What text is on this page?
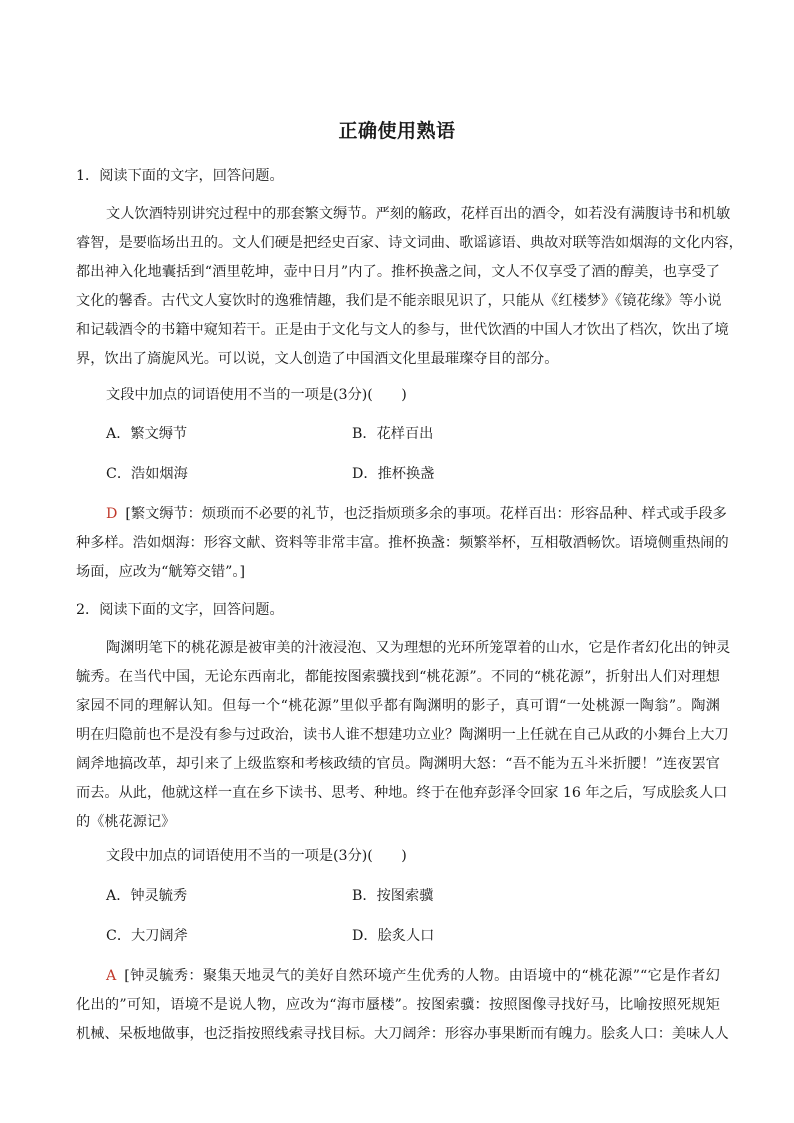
正确使用熟语
1．阅读下面的文字，回答问题。
文人饮酒特别讲究过程中的那套繁文缛节。严刻的觞政，花样百出的酒令，如若没有满腹诗书和机敏
睿智，是要临场出丑的。文人们硬是把经史百家、诗文词曲、歌谣谚语、典故对联等浩如烟海的文化内容，
都出神入化地囊括到“酒里乾坤，壶中日月”内了。推杯换盏之间，文人不仅享受了酒的醇美，也享受了
文化的馨香。古代文人宴饮时的逸雅情趣，我们是不能亲眼见识了，只能从《红楼梦》《镜花缘》等小说
和记载酒令的书籍中窥知若干。正是由于文化与文人的参与，世代饮酒的中国人才饮出了档次，饮出了境
界，饮出了旖旎风光。可以说，文人创造了中国酒文化里最璀璨夺目的部分。
文段中加点的词语使用不当的一项是(3分)(　　)
A．繁文缛节	B．花样百出
C．浩如烟海	D．推杯换盏
D [繁文缛节：烦琐而不必要的礼节，也泛指烦琐多余的事项。花样百出：形容品种、样式或手段多
种多样。浩如烟海：形容文献、资料等非常丰富。推杯换盏：频繁举杯，互相敬酒畅饮。语境侧重热闹的
场面，应改为“觥筹交错”。]
2．阅读下面的文字，回答问题。
陶渊明笔下的桃花源是被审美的汁液浸泡、又为理想的光环所笼罩着的山水，它是作者幻化出的钟灵
毓秀。在当代中国，无论东西南北，都能按图索骥找到“桃花源”。不同的“桃花源”，折射出人们对理想
家园不同的理解认知。但每一个“桃花源”里似乎都有陶渊明的影子，真可谓“一处桃源一陶翁”。陶渊
明在归隐前也不是没有参与过政治，读书人谁不想建功立业？陶渊明一上任就在自己从政的小舞台上大刀
阔斧地搞改革，却引来了上级监察和考核政绩的官员。陶渊明大怒：“吾不能为五斗米折腰！”连夜罢官
而去。从此，他就这样一直在乡下读书、思考、种地。终于在他弃彭泽令回家 16 年之后，写成脍炙人口
的《桃花源记》
文段中加点的词语使用不当的一项是(3分)(　　)
A．钟灵毓秀	B．按图索骥
C．大刀阔斧	D．脍炙人口
A [钟灵毓秀：聚集天地灵气的美好自然环境产生优秀的人物。由语境中的“桃花源”“它是作者幻
化出的”可知，语境不是说人物，应改为“海市蜃楼”。按图索骥：按照图像寻找好马，比喻按照死规矩
机械、呆板地做事，也泛指按照线索寻找目标。大刀阔斧：形容办事果断而有魄力。脍炙人口：美味人人
